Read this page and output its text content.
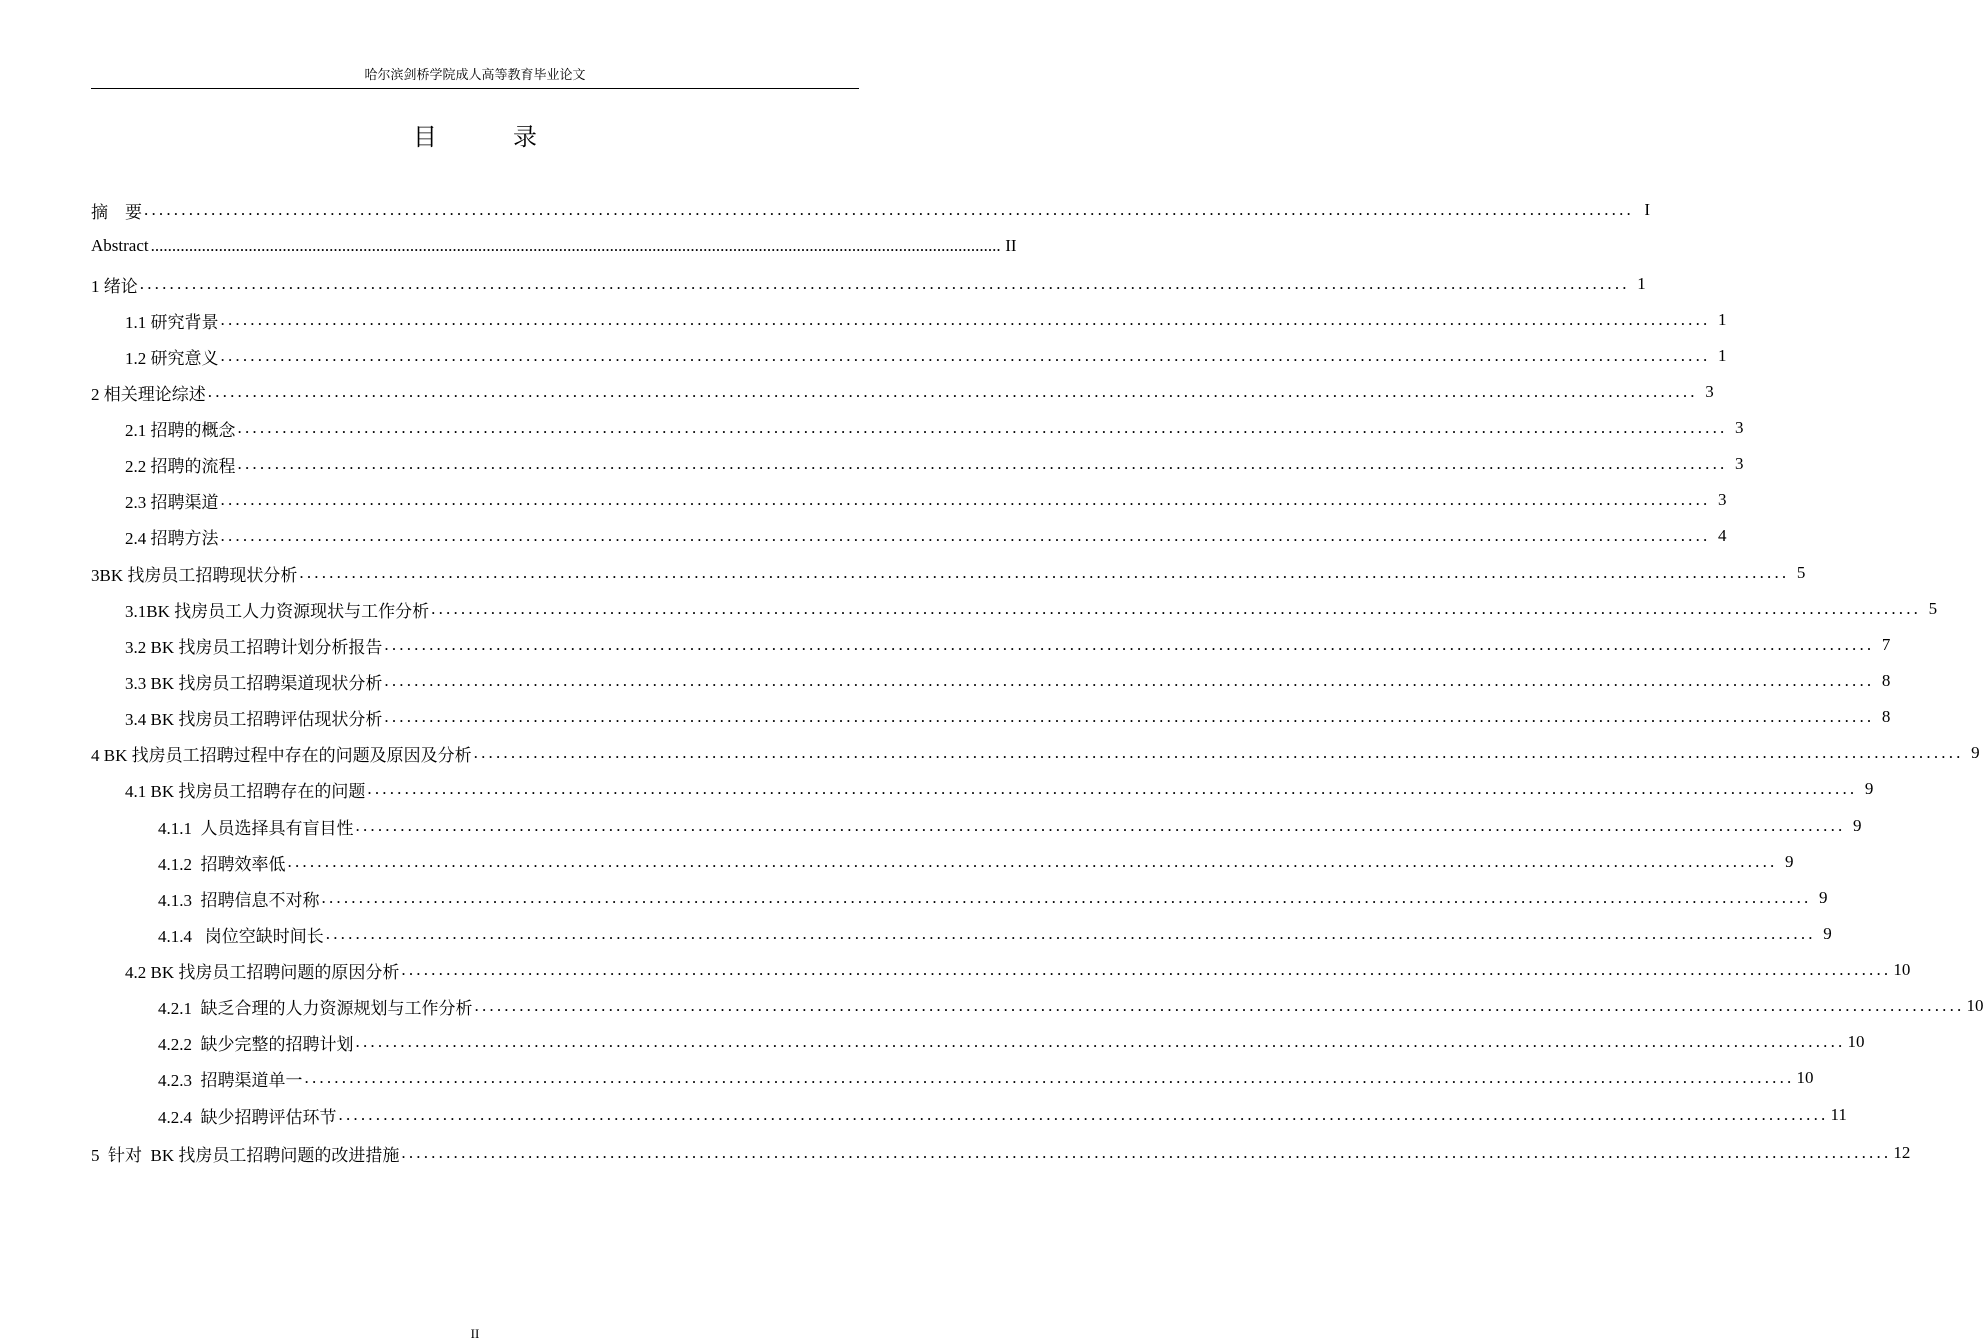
哈尔滨剑桥学院成人高等教育毕业论文
目　录
摘　要 ........................................................................................................................................................................................................ I
Abstract ........................................................................................................................................................................................................ II
1 绪论 ........................................................................................................................................................................................................ 1
1.1 研究背景 ........................................................................................................................................................................................................ 1
1.2 研究意义 ........................................................................................................................................................................................................ 1
2 相关理论综述 ........................................................................................................................................................................................................ 3
2.1 招聘的概念 ........................................................................................................................................................................................................ 3
2.2 招聘的流程 ........................................................................................................................................................................................................ 3
2.3 招聘渠道 ........................................................................................................................................................................................................ 3
2.4 招聘方法 ........................................................................................................................................................................................................ 4
3BK 找房员工招聘现状分析 ........................................................................................................................................................................................................ 5
3.1BK 找房员工人力资源现状与工作分析 ........................................................................................................................................................................................................ 5
3.2 BK 找房员工招聘计划分析报告 ........................................................................................................................................................................................................ 7
3.3 BK 找房员工招聘渠道现状分析 ........................................................................................................................................................................................................ 8
3.4 BK 找房员工招聘评估现状分析 ........................................................................................................................................................................................................ 8
4 BK 找房员工招聘过程中存在的问题及原因及分析 ........................................................................................................................................................................................................ 9
4.1 BK 找房员工招聘存在的问题 ........................................................................................................................................................................................................ 9
4.1.1  人员选择具有盲目性 ........................................................................................................................................................................................................ 9
4.1.2  招聘效率低 ........................................................................................................................................................................................................ 9
4.1.3  招聘信息不对称 ........................................................................................................................................................................................................ 9
4.1.4   岗位空缺时间长 ........................................................................................................................................................................................................ 9
4.2 BK 找房员工招聘问题的原因分析 ........................................................................................................................................................................................................ 10
4.2.1  缺乏合理的人力资源规划与工作分析 ........................................................................................................................................................................................................ 10
4.2.2  缺少完整的招聘计划 ........................................................................................................................................................................................................ 10
4.2.3  招聘渠道单一 ........................................................................................................................................................................................................ 10
4.2.4  缺少招聘评估环节 ........................................................................................................................................................................................................ 11
5  针对  BK 找房员工招聘问题的改进措施 ........................................................................................................................................................................................................ 12
II
